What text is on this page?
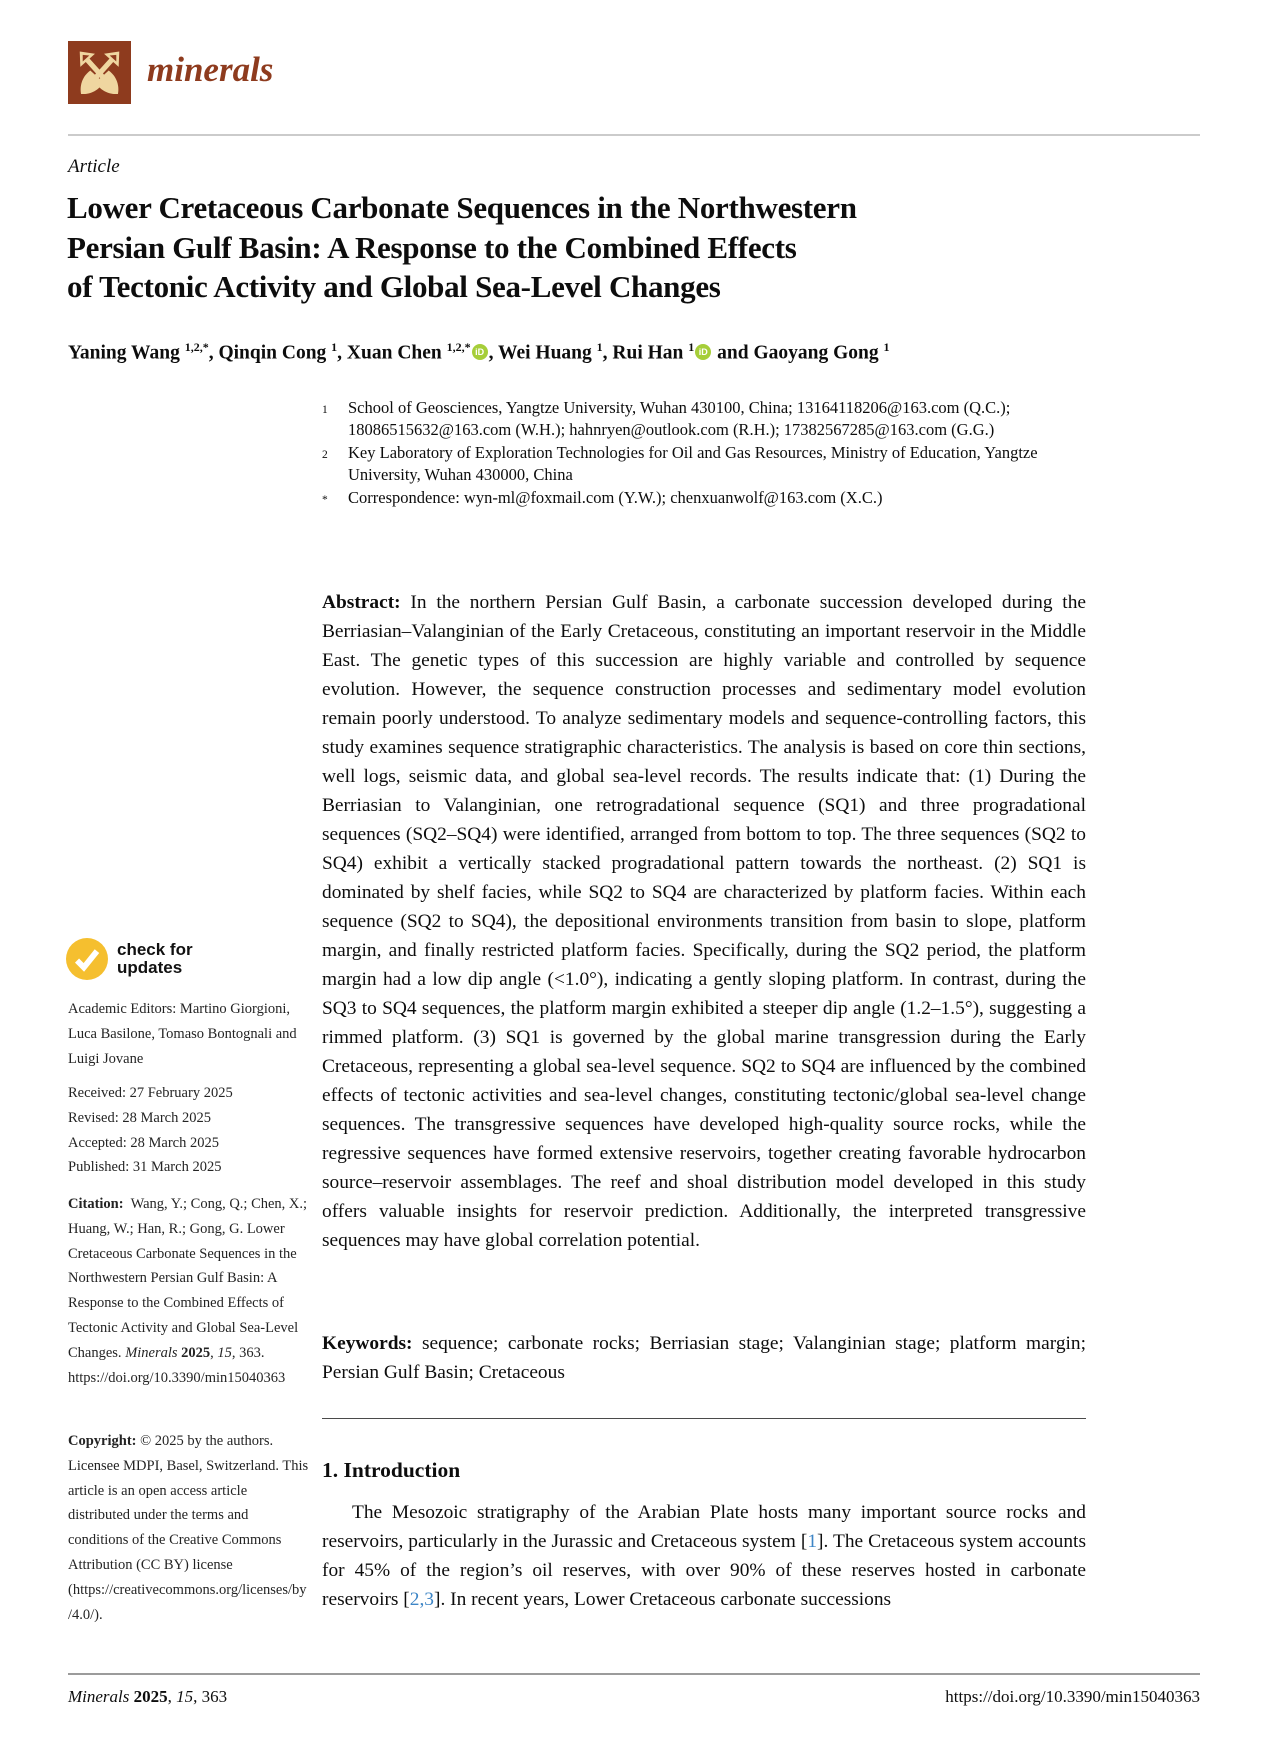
minerals
Article
Lower Cretaceous Carbonate Sequences in the Northwestern
Persian Gulf Basin: A Response to the Combined Effects
of Tectonic Activity and Global Sea-Level Changes
Yaning Wang $^{1,2,*}$, Qinqin Cong $^1$, Xuan Chen $^{1,2,*}$ iD , Wei Huang $^1$, Rui Han $^1$ iD and Gaoyang Gong $^1$
1	School of Geosciences, Yangtze University, Wuhan 430100, China; 13164118206@163.com (Q.C.); 18086515632@163.com (W.H.); hahnryen@outlook.com (R.H.); 17382567285@163.com (G.G.)
2	Key Laboratory of Exploration Technologies for Oil and Gas Resources, Ministry of Education, Yangtze University, Wuhan 430000, China
*	Correspondence: wyn-ml@foxmail.com (Y.W.); chenxuanwolf@163.com (X.C.)
Abstract: In the northern Persian Gulf Basin, a carbonate succession developed during the Berriasian–Valanginian of the Early Cretaceous, constituting an important reservoir in the Middle East. The genetic types of this succession are highly variable and controlled by sequence evolution. However, the sequence construction processes and sedimentary model evolution remain poorly understood. To analyze sedimentary models and sequence-controlling factors, this study examines sequence stratigraphic characteristics. The analysis is based on core thin sections, well logs, seismic data, and global sea-level records. The results indicate that: (1) During the Berriasian to Valanginian, one retrogradational sequence (SQ1) and three progradational sequences (SQ2–SQ4) were identified, arranged from bottom to top. The three sequences (SQ2 to SQ4) exhibit a vertically stacked progradational pattern towards the northeast. (2) SQ1 is dominated by shelf facies, while SQ2 to SQ4 are characterized by platform facies. Within each sequence (SQ2 to SQ4), the depositional environments transition from basin to slope, platform margin, and finally restricted platform facies. Specifically, during the SQ2 period, the platform margin had a low dip angle (<1.0°), indicating a gently sloping platform. In contrast, during the SQ3 to SQ4 sequences, the platform margin exhibited a steeper dip angle (1.2–1.5°), suggesting a rimmed platform. (3) SQ1 is governed by the global marine transgression during the Early Cretaceous, representing a global sea-level sequence. SQ2 to SQ4 are influenced by the combined effects of tectonic activities and sea-level changes, constituting tectonic/global sea-level change sequences. The transgressive sequences have developed high-quality source rocks, while the regressive sequences have formed extensive reservoirs, together creating favorable hydrocarbon source–reservoir assemblages. The reef and shoal distribution model developed in this study offers valuable insights for reservoir prediction. Additionally, the interpreted transgressive sequences may have global correlation potential.
Keywords: sequence; carbonate rocks; Berriasian stage; Valanginian stage; platform margin; Persian Gulf Basin; Cretaceous
1. Introduction
The Mesozoic stratigraphy of the Arabian Plate hosts many important source rocks and reservoirs, particularly in the Jurassic and Cretaceous system [1]. The Cretaceous system accounts for 45% of the region’s oil reserves, with over 90% of these reserves hosted in carbonate reservoirs [2,3]. In recent years, Lower Cretaceous carbonate successions
check for
updates
Academic Editors: Martino Giorgioni, Luca Basilone, Tomaso Bontognali and Luigi Jovane
Received: 27 February 2025
Revised: 28 March 2025
Accepted: 28 March 2025
Published: 31 March 2025
Citation: Wang, Y.; Cong, Q.; Chen, X.; Huang, W.; Han, R.; Gong, G. Lower Cretaceous Carbonate Sequences in the Northwestern Persian Gulf Basin: A Response to the Combined Effects of Tectonic Activity and Global Sea-Level Changes. Minerals 2025, 15, 363. https://doi.org/10.3390/min15040363
Copyright: © 2025 by the authors. Licensee MDPI, Basel, Switzerland. This article is an open access article distributed under the terms and conditions of the Creative Commons Attribution (CC BY) license (https://creativecommons.org/licenses/by/4.0/).
Minerals 2025, 15, 363	https://doi.org/10.3390/min15040363
